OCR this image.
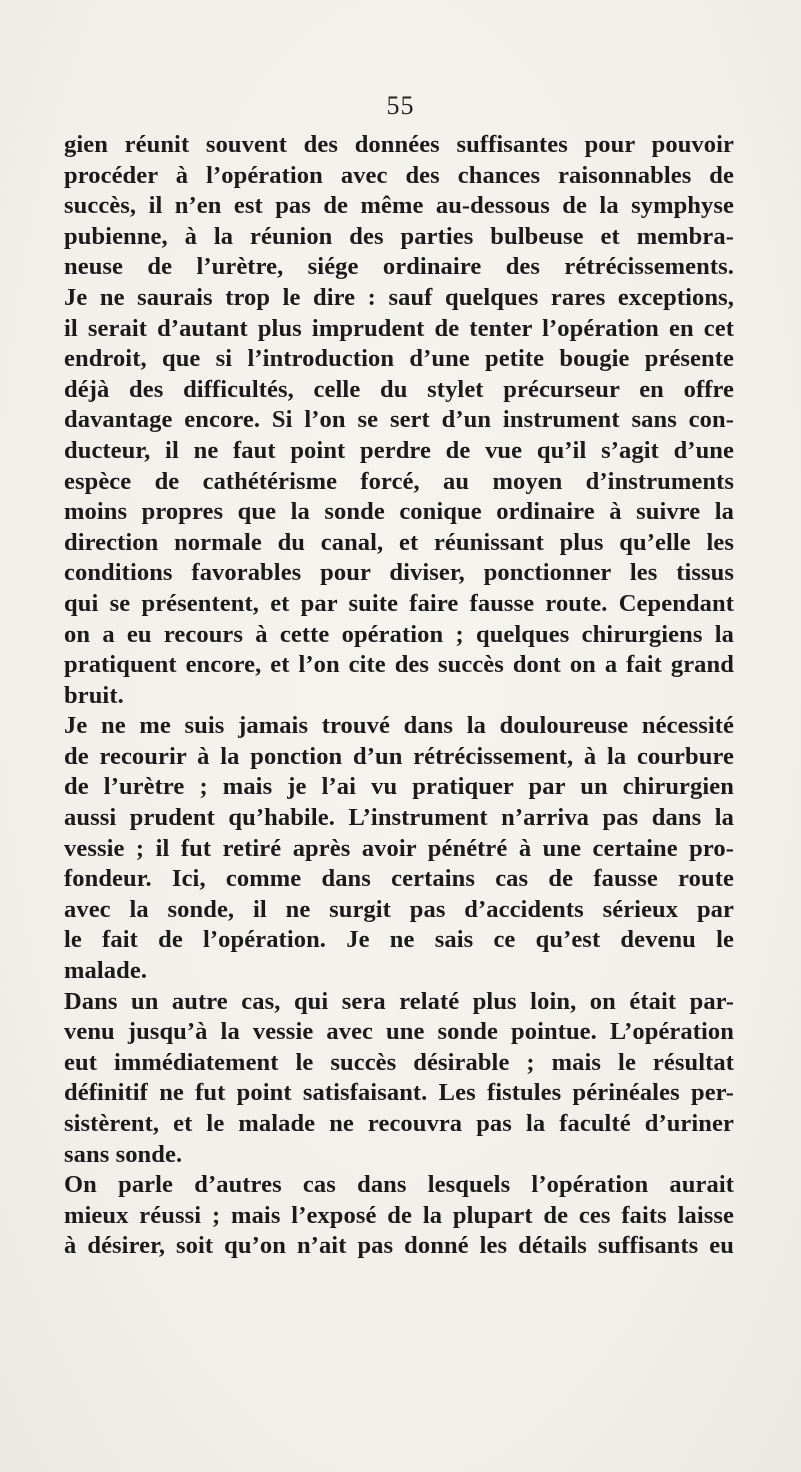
55
gien réunit souvent des données suffisantes pour pouvoir
procéder à l’opération avec des chances raisonnables de
succès, il n’en est pas de même au-dessous de la symphyse
pubienne, à la réunion des parties bulbeuse et membra-
neuse de l’urètre, siége ordinaire des rétrécissements.
Je ne saurais trop le dire : sauf quelques rares exceptions,
il serait d’autant plus imprudent de tenter l’opération en cet
endroit, que si l’introduction d’une petite bougie présente
déjà des difficultés, celle du stylet précurseur en offre
davantage encore. Si l’on se sert d’un instrument sans con-
ducteur, il ne faut point perdre de vue qu’il s’agit d’une
espèce de cathétérisme forcé, au moyen d’instruments
moins propres que la sonde conique ordinaire à suivre la
direction normale du canal, et réunissant plus qu’elle les
conditions favorables pour diviser, ponctionner les tissus
qui se présentent, et par suite faire fausse route. Cependant
on a eu recours à cette opération ; quelques chirurgiens la
pratiquent encore, et l’on cite des succès dont on a fait grand
bruit.
Je ne me suis jamais trouvé dans la douloureuse nécessité
de recourir à la ponction d’un rétrécissement, à la courbure
de l’urètre ; mais je l’ai vu pratiquer par un chirurgien
aussi prudent qu’habile. L’instrument n’arriva pas dans la
vessie ; il fut retiré après avoir pénétré à une certaine pro-
fondeur. Ici, comme dans certains cas de fausse route
avec la sonde, il ne surgit pas d’accidents sérieux par
le fait de l’opération. Je ne sais ce qu’est devenu le
malade.
Dans un autre cas, qui sera relaté plus loin, on était par-
venu jusqu’à la vessie avec une sonde pointue. L’opération
eut immédiatement le succès désirable ; mais le résultat
définitif ne fut point satisfaisant. Les fistules périnéales per-
sistèrent, et le malade ne recouvra pas la faculté d’uriner
sans sonde.
On parle d’autres cas dans lesquels l’opération aurait
mieux réussi ; mais l’exposé de la plupart de ces faits laisse
à désirer, soit qu’on n’ait pas donné les détails suffisants eu
